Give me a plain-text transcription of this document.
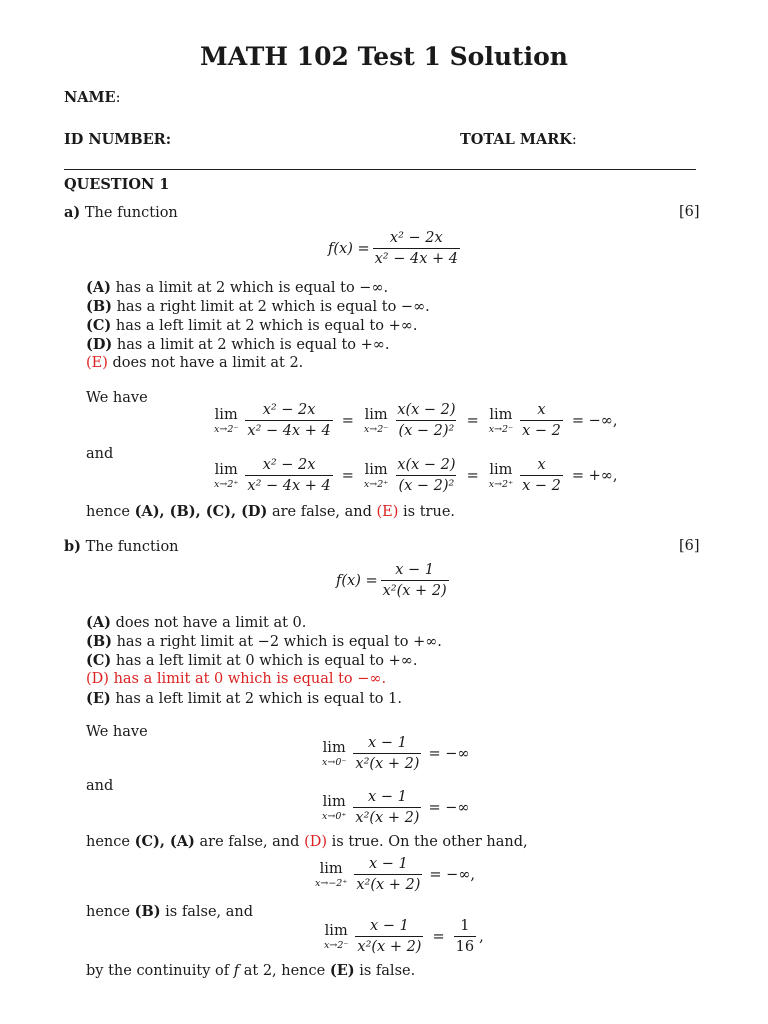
MATH 102 Test 1 Solution
NAME:
ID NUMBER:	TOTAL MARK:
QUESTION 1
a) The function	[6]
$f(x) = \frac{\text{x² − 2x}}{\text{x² − 4x + 4}}$
(A) has a limit at 2 which is equal to −∞.
(B) has a right limit at 2 which is equal to −∞.
(C) has a left limit at 2 which is equal to +∞.
(D) has a limit at 2 which is equal to +∞.
(E) does not have a limit at 2.
We have
lim
$x\to 2^- \frac{\text{x² − 2x}}{\text{x² − 4x + 4}} = \lim$
$x\to 2^- \frac{x(x - 2)}{\text{(x − 2)²}} = \lim$
$x\to 2^- \frac{x}{x - 2}$ = −∞,
and
lim
$x\to 2^+ \frac{\text{x² − 2x}}{\text{x² − 4x + 4}} = \lim$
$x\to 2^+ \frac{x(x - 2)}{\text{(x − 2)²}} = \lim$
$x\to 2^+ \frac{x}{x - 2}$ = +∞,
hence (A), (B), (C), (D) are false, and (E) is true.
b) The function	[6]
$f(x) = \frac{x - 1}{\text{x²(x + 2)}}$
(A) does not have a limit at 0.
(B) has a right limit at −2 which is equal to +∞.
(C) has a left limit at 0 which is equal to +∞.
(D) has a limit at 0 which is equal to −∞.
(E) has a left limit at 2 which is equal to 1.
We have
lim
$x\to 0^- \frac{x - 1}{\text{x²(x + 2)}}$ = −∞
and
lim
$x\to 0^+ \frac{x - 1}{\text{x²(x + 2)}}$ = −∞
hence (C), (A) are false, and (D) is true. On the other hand,
lim
$x\to-2^+ \frac{x - 1}{\text{x²(x + 2)}}$ = −∞,
hence (B) is false, and
lim
$x\to 2^- \frac{x - 1}{\text{x²(x + 2)}} = \frac{1}{16}$ ,
by the continuity of f at 2, hence (E) is false.
